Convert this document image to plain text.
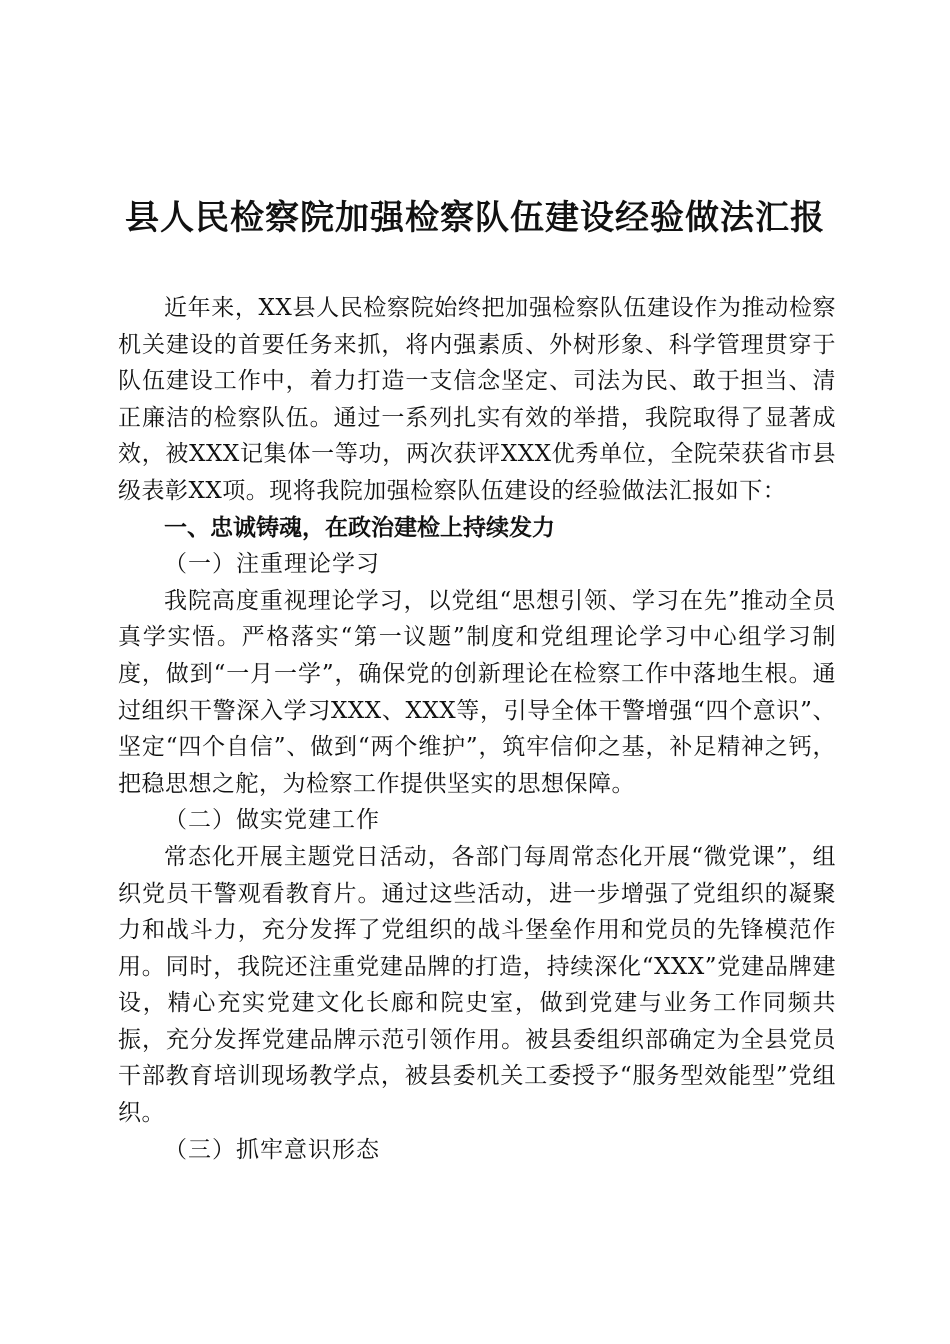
县人民检察院加强检察队伍建设经验做法汇报

近年来，XX县人民检察院始终把加强检察队伍建设作为推动检察机关建设的首要任务来抓，将内强素质、外树形象、科学管理贯穿于队伍建设工作中，着力打造一支信念坚定、司法为民、敢于担当、清正廉洁的检察队伍。通过一系列扎实有效的举措，我院取得了显著成效，被XXX记集体一等功，两次获评XXX优秀单位，全院荣获省市县级表彰XX项。现将我院加强检察队伍建设的经验做法汇报如下：

一、忠诚铸魂，在政治建检上持续发力

（一）注重理论学习

我院高度重视理论学习，以党组“思想引领、学习在先”推动全员真学实悟。严格落实“第一议题”制度和党组理论学习中心组学习制度，做到“一月一学”，确保党的创新理论在检察工作中落地生根。通过组织干警深入学习XXX、XXX等，引导全体干警增强“四个意识”、坚定“四个自信”、做到“两个维护”，筑牢信仰之基，补足精神之钙，把稳思想之舵，为检察工作提供坚实的思想保障。

（二）做实党建工作

常态化开展主题党日活动，各部门每周常态化开展“微党课”，组织党员干警观看教育片。通过这些活动，进一步增强了党组织的凝聚力和战斗力，充分发挥了党组织的战斗堡垒作用和党员的先锋模范作用。同时，我院还注重党建品牌的打造，持续深化“XXX”党建品牌建设，精心充实党建文化长廊和院史室，做到党建与业务工作同频共振，充分发挥党建品牌示范引领作用。被县委组织部确定为全县党员干部教育培训现场教学点，被县委机关工委授予“服务型效能型”党组织。

（三）抓牢意识形态
